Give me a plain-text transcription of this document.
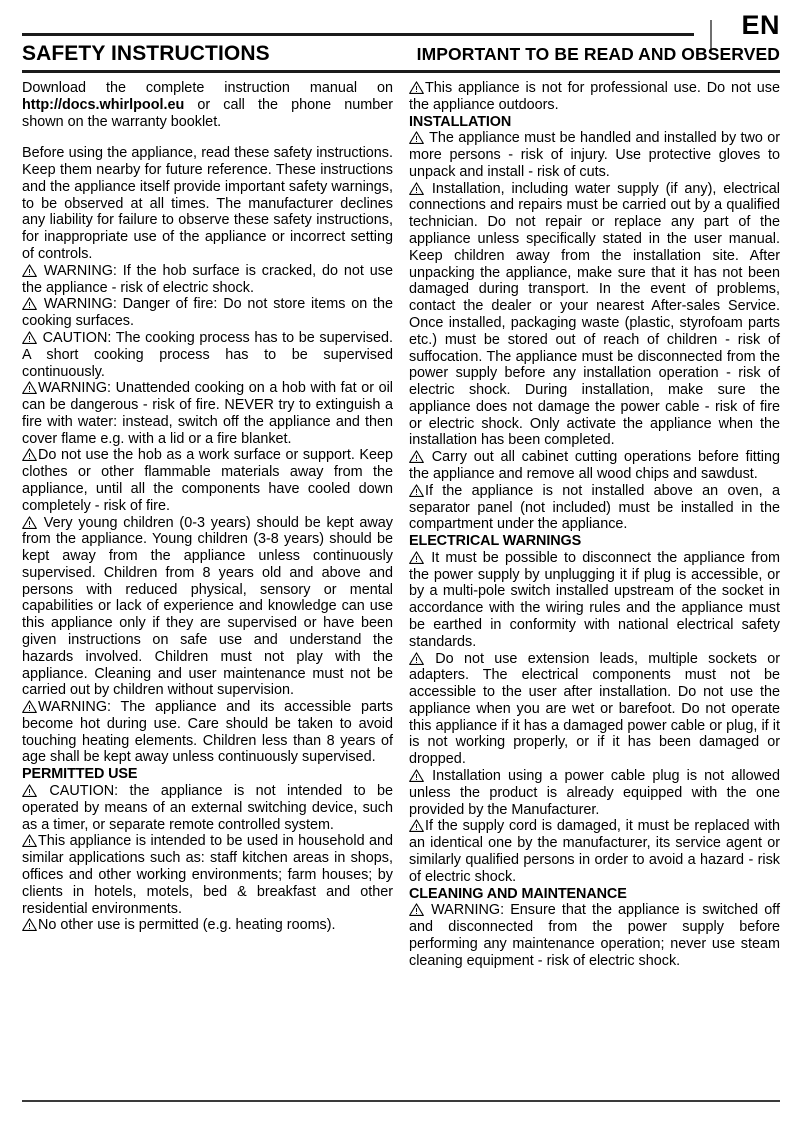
EN
SAFETY INSTRUCTIONS	IMPORTANT TO BE READ AND OBSERVED

Download the complete instruction manual on http://docs.whirlpool.eu or call the phone number shown on the warranty booklet.

Before using the appliance, read these safety instructions. Keep them nearby for future reference. These instructions and the appliance itself provide important safety warnings, to be observed at all times. The manufacturer declines any liability for failure to observe these safety instructions, for inappropriate use of the appliance or incorrect setting of controls.

WARNING: If the hob surface is cracked, do not use the appliance - risk of electric shock.

WARNING: Danger of fire: Do not store items on the cooking surfaces.

CAUTION: The cooking process has to be supervised. A short cooking process has to be supervised continuously.

WARNING: Unattended cooking on a hob with fat or oil can be dangerous - risk of fire. NEVER try to extinguish a fire with water: instead, switch off the appliance and then cover flame e.g. with a lid or a fire blanket.

Do not use the hob as a work surface or support. Keep clothes or other flammable materials away from the appliance, until all the components have cooled down completely - risk of fire.

Very young children (0-3 years) should be kept away from the appliance. Young children (3-8 years) should be kept away from the appliance unless continuously supervised. Children from 8 years old and above and persons with reduced physical, sensory or mental capabilities or lack of experience and knowledge can use this appliance only if they are supervised or have been given instructions on safe use and understand the hazards involved. Children must not play with the appliance. Cleaning and user maintenance must not be carried out by children without supervision.

WARNING: The appliance and its accessible parts become hot during use. Care should be taken to avoid touching heating elements. Children less than 8 years of age shall be kept away unless continuously supervised.

PERMITTED USE

CAUTION: the appliance is not intended to be operated by means of an external switching device, such as a timer, or separate remote controlled system.

This appliance is intended to be used in household and similar applications such as: staff kitchen areas in shops, offices and other working environments; farm houses; by clients in hotels, motels, bed & breakfast and other residential environments.

No other use is permitted (e.g. heating rooms).

This appliance is not for professional use. Do not use the appliance outdoors.

INSTALLATION

The appliance must be handled and installed by two or more persons - risk of injury. Use protective gloves to unpack and install - risk of cuts.

Installation, including water supply (if any), electrical connections and repairs must be carried out by a qualified technician. Do not repair or replace any part of the appliance unless specifically stated in the user manual. Keep children away from the installation site. After unpacking the appliance, make sure that it has not been damaged during transport. In the event of problems, contact the dealer or your nearest After-sales Service. Once installed, packaging waste (plastic, styrofoam parts etc.) must be stored out of reach of children - risk of suffocation. The appliance must be disconnected from the power supply before any installation operation - risk of electric shock. During installation, make sure the appliance does not damage the power cable - risk of fire or electric shock. Only activate the appliance when the installation has been completed.

Carry out all cabinet cutting operations before fitting the appliance and remove all wood chips and sawdust.

If the appliance is not installed above an oven, a separator panel (not included) must be installed in the compartment under the appliance.

ELECTRICAL WARNINGS

It must be possible to disconnect the appliance from the power supply by unplugging it if plug is accessible, or by a multi-pole switch installed upstream of the socket in accordance with the wiring rules and the appliance must be earthed in conformity with national electrical safety standards.

Do not use extension leads, multiple sockets or adapters. The electrical components must not be accessible to the user after installation. Do not use the appliance when you are wet or barefoot. Do not operate this appliance if it has a damaged power cable or plug, if it is not working properly, or if it has been damaged or dropped.

Installation using a power cable plug is not allowed unless the product is already equipped with the one provided by the Manufacturer.

If the supply cord is damaged, it must be replaced with an identical one by the manufacturer, its service agent or similarly qualified persons in order to avoid a hazard - risk of electric shock.

CLEANING AND MAINTENANCE

WARNING: Ensure that the appliance is switched off and disconnected from the power supply before performing any maintenance operation; never use steam cleaning equipment - risk of electric shock.
